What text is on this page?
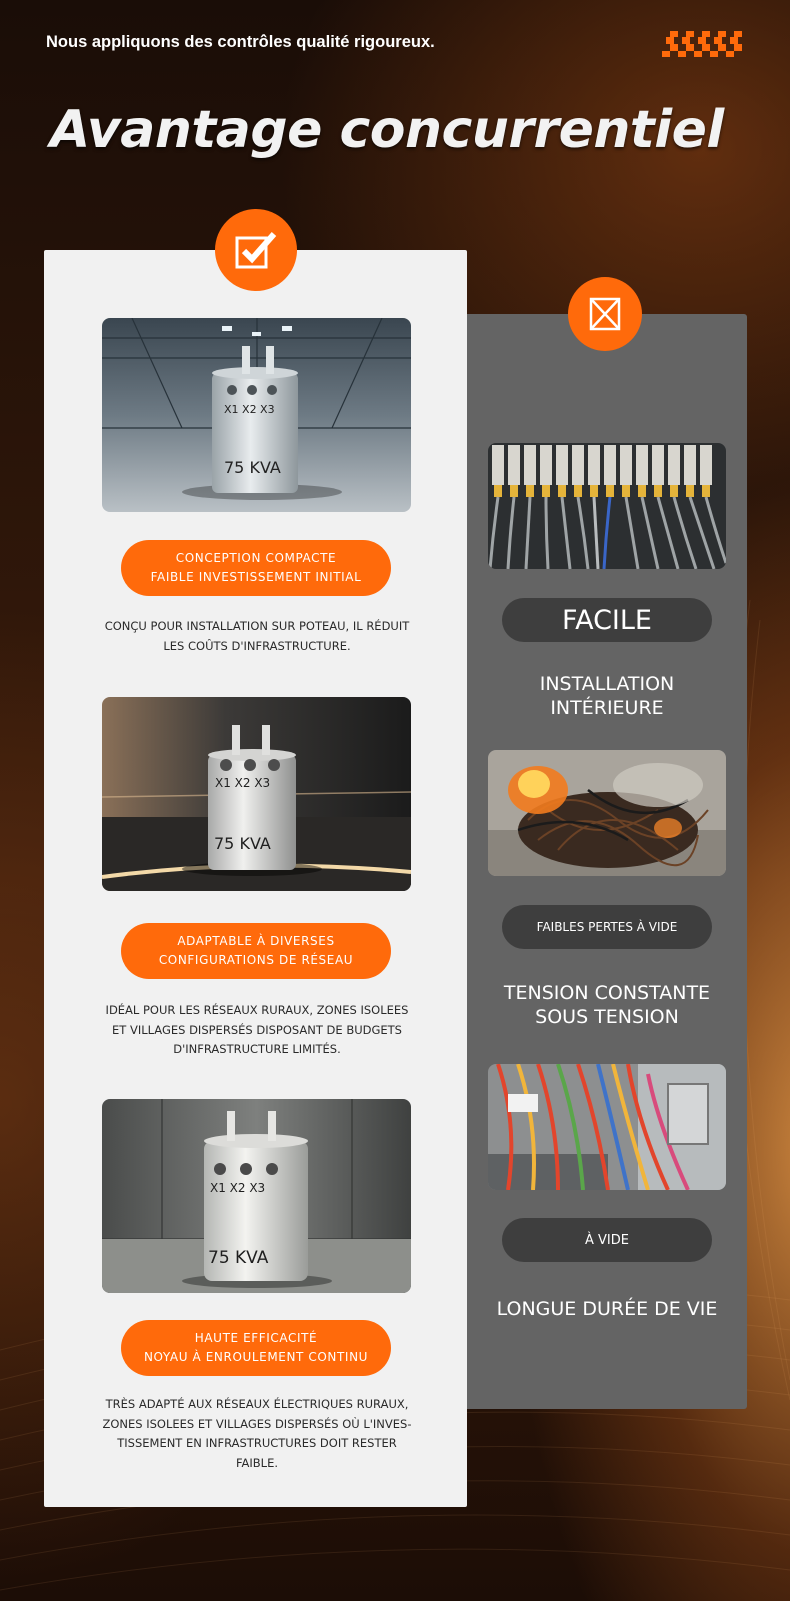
Nous appliquons des contrôles qualité rigoureux.
Avantage concurrentiel
X1 X2 X3
75 KVA
CONCEPTION COMPACTE
FAIBLE INVESTISSEMENT INITIAL
CONÇU POUR INSTALLATION SUR POTEAU, IL RÉDUIT
LES COÛTS D'INFRASTRUCTURE.
X1 X2 X3
75 KVA
ADAPTABLE À DIVERSES
CONFIGURATIONS DE RÉSEAU
IDÉAL POUR LES RÉSEAUX RURAUX, ZONES ISOLEES
ET VILLAGES DISPERSÉS DISPOSANT DE BUDGETS
D'INFRASTRUCTURE LIMITÉS.
X1 X2 X3
75 KVA
HAUTE EFFICACITÉ
NOYAU À ENROULEMENT CONTINU
TRÈS ADAPTÉ AUX RÉSEAUX ÉLECTRIQUES RURAUX,
ZONES ISOLEES ET VILLAGES DISPERSÉS OÙ L'INVES-
TISSEMENT EN INFRASTRUCTURES DOIT RESTER
FAIBLE.
FACILE
INSTALLATION
INTÉRIEURE
FAIBLES PERTES À VIDE
TENSION CONSTANTE
SOUS TENSION
À VIDE
LONGUE DURÉE DE VIE
